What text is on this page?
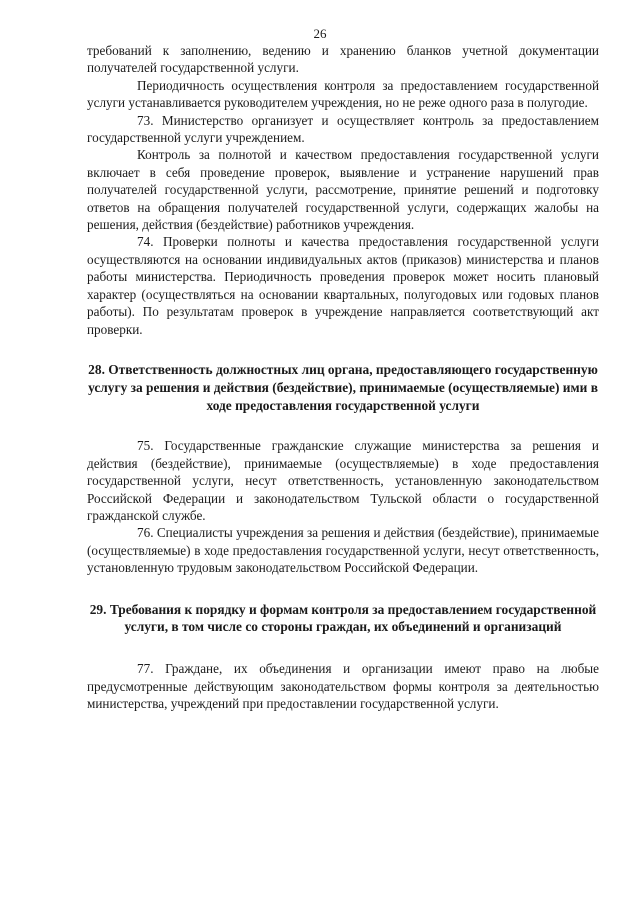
26

требований к заполнению, ведению и хранению бланков учетной документации получателей государственной услуги.

Периодичность осуществления контроля за предоставлением государственной услуги устанавливается руководителем учреждения, но не реже одного раза в полугодие.

73. Министерство организует и осуществляет контроль за предоставлением государственной услуги учреждением.

Контроль за полнотой и качеством предоставления государственной услуги включает в себя проведение проверок, выявление и устранение нарушений прав получателей государственной услуги, рассмотрение, принятие решений и подготовку ответов на обращения получателей государственной услуги, содержащих жалобы на решения, действия (бездействие) работников учреждения.

74. Проверки полноты и качества предоставления государственной услуги осуществляются на основании индивидуальных актов (приказов) министерства и планов работы министерства. Периодичность проведения проверок может носить плановый характер (осуществляться на основании квартальных, полугодовых или годовых планов работы). По результатам проверок в учреждение направляется соответствующий акт проверки.

28. Ответственность должностных лиц органа, предоставляющего государственную услугу за решения и действия (бездействие), принимаемые (осуществляемые) ими в ходе предоставления государственной услуги

75. Государственные гражданские служащие министерства за решения и действия (бездействие), принимаемые (осуществляемые) в ходе предоставления государственной услуги, несут ответственность, установленную законодательством Российской Федерации и законодательством Тульской области о государственной гражданской службе.

76. Специалисты учреждения за решения и действия (бездействие), принимаемые (осуществляемые) в ходе предоставления государственной услуги, несут ответственность, установленную трудовым законодательством Российской Федерации.

29. Требования к порядку и формам контроля за предоставлением государственной услуги, в том числе со стороны граждан, их объединений и организаций

77. Граждане, их объединения и организации имеют право на любые предусмотренные действующим законодательством формы контроля за деятельностью министерства, учреждений при предоставлении государственной услуги.
